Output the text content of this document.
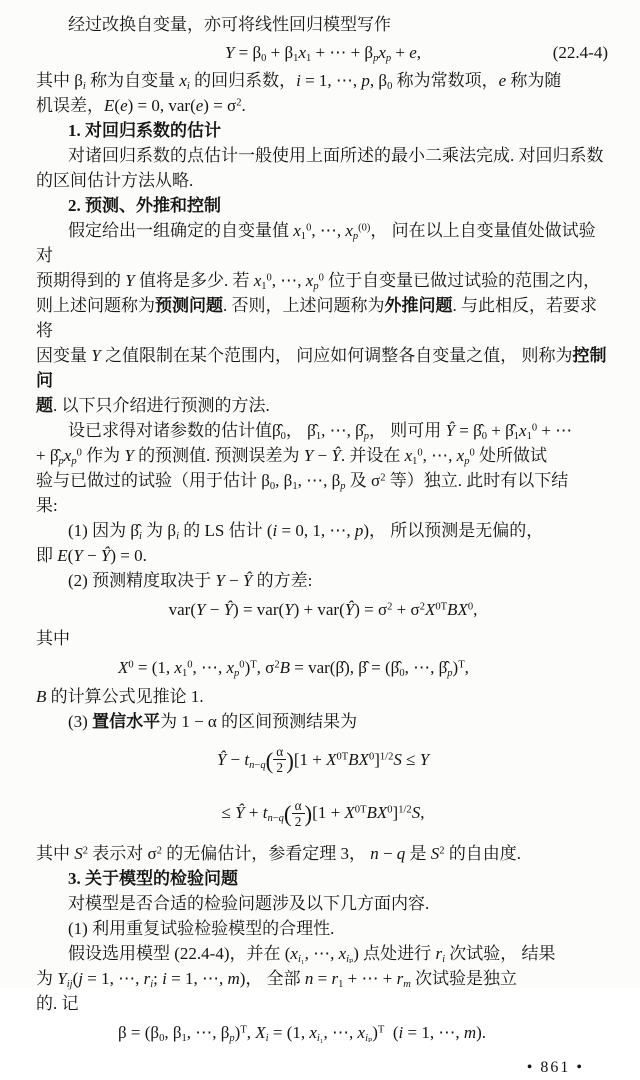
经过改换自变量，亦可将线性回归模型写作
$Y = \beta_0 + \beta_1x_1$ + ⋯ + $\beta_px_p + e$,	(22.4-4)
其中 $\beta_i$ 称为自变量 $x_i$ 的回归系数，i = 1, ⋯, p, $\beta_0$ 称为常数项，e 称为随
机误差，E(e) = 0, $var(e) = \sigma^2$.
1. 对回归系数的估计
对诸回归系数的点估计一般使用上面所述的最小二乘法完成. 对回归系数
的区间估计方法从略.
2. 预测、外推和控制
假定给出一组确定的自变量值 $x_1^0$, ⋯, $x_p^{(0)}$， 问在以上自变量值处做试验对
预期得到的 Y 值将是多少. 若 $x_1^0$, ⋯, $x_p^0$ 位于自变量已做过试验的范围之内，
则上述问题称为预测问题. 否则，上述问题称为外推问题. 与此相反，若要求将
因变量 Y 之值限制在某个范围内， 问应如何调整各自变量之值， 则称为控制问
题. 以下只介绍进行预测的方法.
设已求得对诸参数的估计值$\betâ_0$， $\betâ_1$, ⋯, $\betâ_p$， 则可用 Ŷ = $\betâ_0$ + $\betâ_1x_1^0$ + ⋯
+ $\betâ_px_p^0$ 作为 Y 的预测值. 预测误差为 Y − Ŷ. 并设在 $x_1^0$, ⋯, $x_p^0$ 处所做试
验与已做过的试验（用于估计 $\beta_0$, $\beta_1$, ⋯, $\beta_p$ 及 $\sigma^2$ 等）独立. 此时有以下结
果:
(1) 因为 $\betâ_i$ 为 $\beta_i$ 的 LS 估计 (i = 0, 1, ⋯, p)， 所以预测是无偏的，
即 E(Y − Ŷ) = 0.
(2) 预测精度取决于 Y − Ŷ 的方差:
var(Y − Ŷ) = var(Y) + var(Ŷ) = $\sigma^2 + \sigma^2X^{0T}BX^0$,
其中
$X^0 = (1$, $x_1^0$, ⋯, $x_p^0)^T$, $\sigma^2B$ = var(β̂), β̂ = ($\betâ_0$, ⋯, $\betâ_p)^T$,
B 的计算公式见推论 1.
(3) 置信水平为 1 − α 的区间预测结果为
Ŷ − $t_{n-q}( \frac{\alpha}{2} )[1 + X^{0T}BX^0]^{1/2}S \le Y$
≤ Ŷ + $t_{n-q}( \frac{\alpha}{2} )[1 + X^{0T}BX^0]^{1/2}S$,
其中 $S^2$ 表示对 $\sigma^2$ 的无偏估计，参看定理 3， n − q 是 $S^2$ 的自由度.
3. 关于模型的检验问题
对模型是否合适的检验问题涉及以下几方面内容.
(1) 利用重复试验检验模型的合理性.
假设选用模型 (22.4-4)，并在 ($x_{i_1}$, ⋯, $x_{i_p}$) 点处进行 $r_i$ 次试验， 结果
为 $Y_{ij}(j = 1$, ⋯, $r_i$; i = 1, ⋯, m)， 全部 $n = r_1$ + ⋯ + $r_m$ 次试验是独立
的. 记
$\beta = (\beta_0$, $\beta_1$, ⋯, $\beta_p)^T$, $X_i = (1$, $x_{i_1}$, ⋯, $x_{i_p})^T$  (i = 1, ⋯, m).
• 861 •
